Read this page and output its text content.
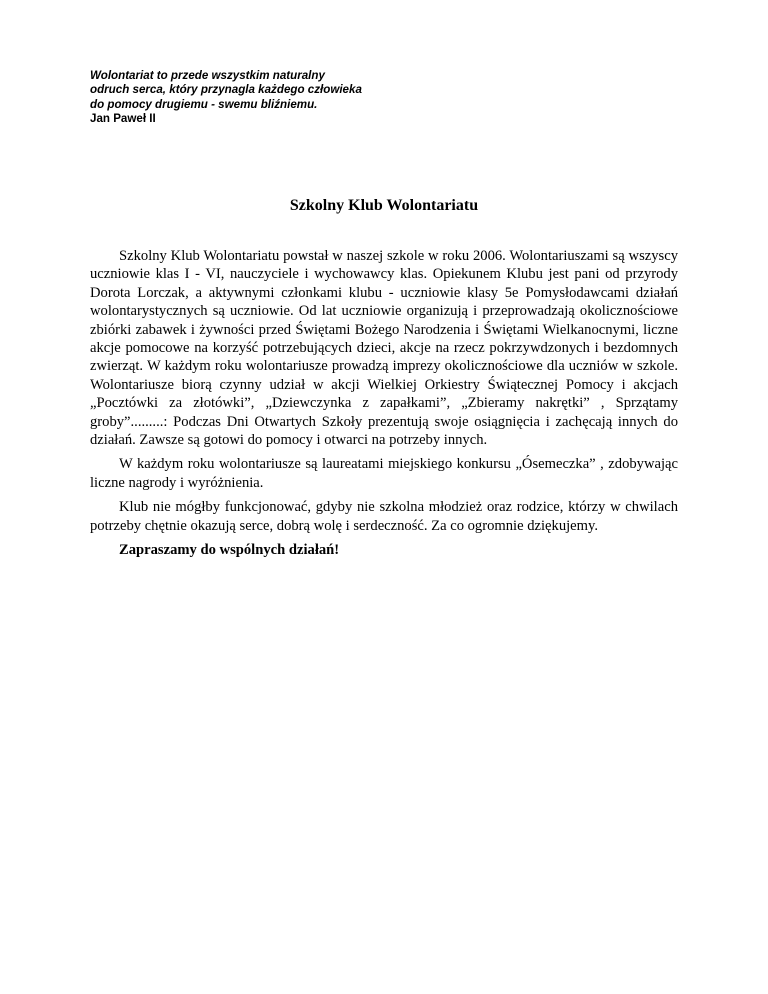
Wolontariat to przede wszystkim naturalny
odruch serca, który przynagla każdego człowieka
do pomocy drugiemu - swemu bliźniemu.
Jan Paweł II
Szkolny Klub Wolontariatu

Szkolny Klub Wolontariatu powstał w naszej szkole w roku 2006. Wolontariuszami są wszyscy uczniowie klas I - VI, nauczyciele i wychowawcy klas. Opiekunem Klubu jest pani od przyrody Dorota Lorczak, a aktywnymi członkami klubu - uczniowie klasy 5e Pomysłodawcami działań wolontarystycznych są uczniowie. Od lat uczniowie organizują i przeprowadzają okolicznościowe zbiórki zabawek i żywności przed Świętami Bożego Narodzenia i Świętami Wielkanocnymi, liczne akcje pomocowe na korzyść potrzebujących dzieci, akcje na rzecz pokrzywdzonych i bezdomnych zwierząt. W każdym roku wolontariusze prowadzą imprezy okolicznościowe dla uczniów w szkole. Wolontariusze biorą czynny udział w akcji Wielkiej Orkiestry Świątecznej Pomocy i akcjach „Pocztówki za złotówki”, „Dziewczynka z zapałkami”, „Zbieramy nakrętki” , Sprzątamy groby”.........: Podczas Dni Otwartych Szkoły prezentują swoje osiągnięcia i zachęcają innych do działań. Zawsze są gotowi do pomocy i otwarci na potrzeby innych.

W każdym roku wolontariusze są laureatami miejskiego konkursu „Ósemeczka” , zdobywając liczne nagrody i wyróżnienia.

Klub nie mógłby funkcjonować, gdyby nie szkolna młodzież oraz rodzice, którzy w chwilach potrzeby chętnie okazują serce, dobrą wolę i serdeczność. Za co ogromnie dziękujemy.

Zapraszamy do wspólnych działań!
